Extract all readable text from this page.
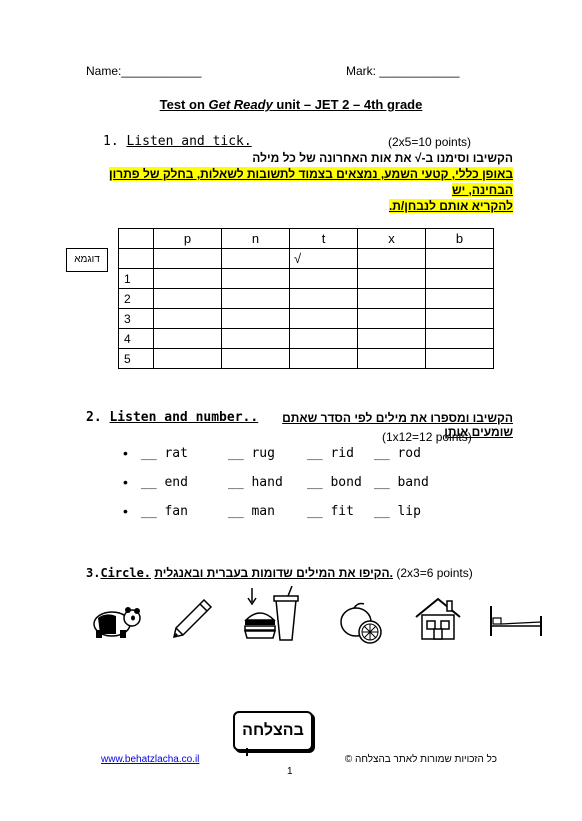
Name:____________	Mark: ____________
Test on Get Ready unit – JET 2 – 4th grade
1. Listen and tick.	(2x5=10 points)
הקשיבו וסימנו ב-√ את אות האחרונה של כל מילה
באופן כללי, קטעי השמע, נמצאים בצמוד לתשובות לשאלות, בחלק של פתרון הבחינה, יש
להקריא אותם לנבחן/ת.
דוגמא
	p	n	t	x	b
			√		
1					
2					
3					
4					
5					
2. Listen and number..	הקשיבו ומספרו את מילים לפי הסדר שאתם שומעים אותן
(1x12=12 points)
• __ rat	__ rug __ rid __ rod
• __ end	__ hand __ bond __ band
• __ fan	__ man __ fit __ lip
3.Circle. הקיפו את המילים שדומות בעברית ובאנגלית. (2x3=6 points)
בהצלחה
www.behatzlacha.co.il	כל הזכויות שמורות לאתר בהצלחה ©
1
